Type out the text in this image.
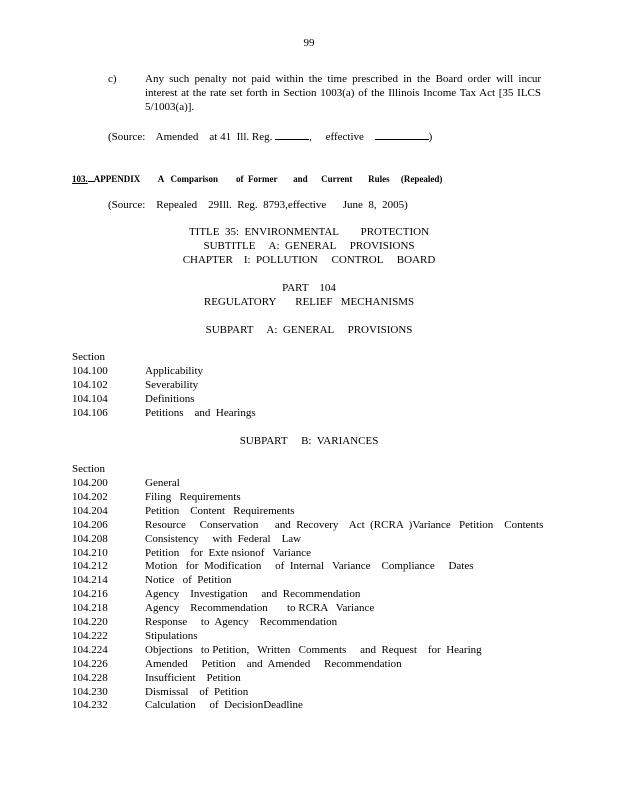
99
c)	Any such penalty not paid within the time prescribed in the Board order will incur interest at the rate set forth in Section 1003(a) of the Illinois Income Tax Act [35 ILCS 5/1003(a)].
(Source:    Amended    at 41  Ill. Reg.	,     effective	)
103. APPENDIX        A   Comparison        of  Former       and      Current       Rules     (Repealed)
(Source:    Repealed    29Ill.  Reg.  8793,effective      June  8,  2005)
TITLE  35:  ENVIRONMENTAL        PROTECTION
SUBTITLE     A:  GENERAL     PROVISIONS
CHAPTER    I:  POLLUTION     CONTROL     BOARD
PART    104
REGULATORY       RELIEF   MECHANISMS
SUBPART     A:  GENERAL     PROVISIONS
Section
104.100	Applicability
104.102	Severability
104.104	Definitions
104.106	Petitions    and  Hearings
SUBPART     B:  VARIANCES
Section
104.200	General
104.202	Filing   Requirements
104.204	Petition    Content   Requirements
104.206	Resource     Conservation      and  Recovery    Act  (RCRA  )Variance   Petition    Contents
104.208	Consistency     with  Federal    Law
104.210	Petition    for  Exte nsionof   Variance
104.212	Motion   for  Modification     of  Internal   Variance    Compliance     Dates
104.214	Notice   of  Petition
104.216	Agency    Investigation     and  Recommendation
104.218	Agency    Recommendation       to RCRA   Variance
104.220	Response     to  Agency    Recommendation
104.222	Stipulations
104.224	Objections   to Petition,   Written   Comments     and  Request    for  Hearing
104.226	Amended     Petition    and  Amended     Recommendation
104.228	Insufficient    Petition
104.230	Dismissal    of  Petition
104.232	Calculation     of  DecisionDeadline
